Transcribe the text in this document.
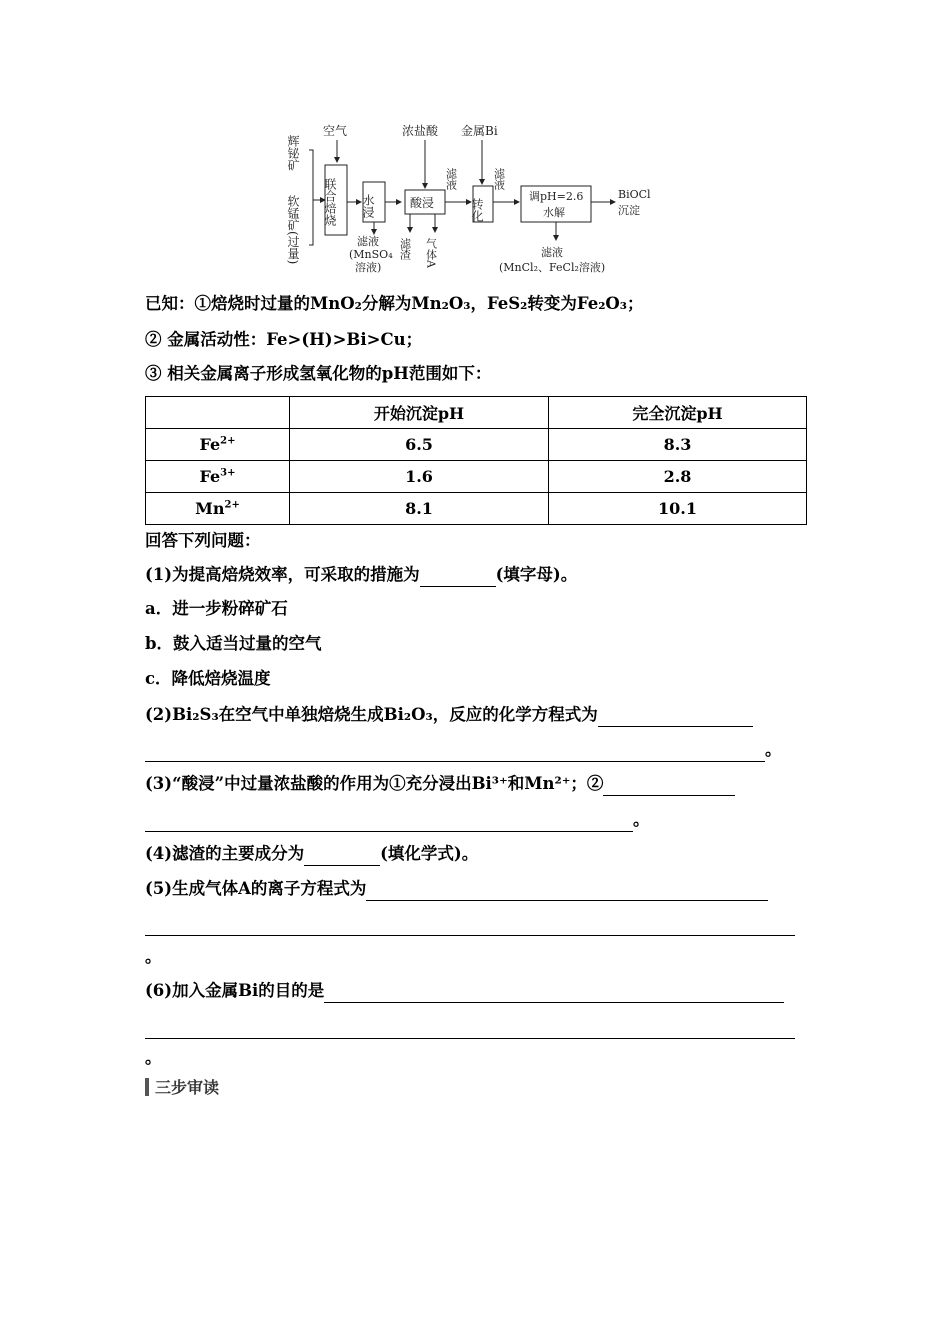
辉铋矿
软锰矿(过量)
空气
联合焙烧 水浸
滤液
(MnSO₄
溶液)
浓盐酸
酸浸
滤渣 气体A
滤液
金属Bi
转化
滤液
调pH=2.6
水解
BiOCl
沉淀
滤液
(MnCl₂、FeCl₂溶液)
已知：①焙烧时过量的MnO₂分解为Mn₂O₃，FeS₂转变为Fe₂O₃；
② 金属活动性：Fe>(H)>Bi>Cu；
③ 相关金属离子形成氢氧化物的pH范围如下：
	开始沉淀pH	完全沉淀pH
$Fe^{2+}$	6.5	8.3
$Fe^{3+}$	1.6	2.8
$Mn^{2+}$	8.1	10.1
回答下列问题：
(1)为提高焙烧效率，可采取的措施为	(填字母)。
a．进一步粉碎矿石
b．鼓入适当过量的空气
c．降低焙烧温度
(2)Bi₂S₃在空气中单独焙烧生成Bi₂O₃，反应的化学方程式为
。
(3)“酸浸”中过量浓盐酸的作用为①充分浸出Bi³⁺和Mn²⁺；②
。
(4)滤渣的主要成分为	(填化学式)。
(5)生成气体A的离子方程式为
。
(6)加入金属Bi的目的是
。
三步审读
